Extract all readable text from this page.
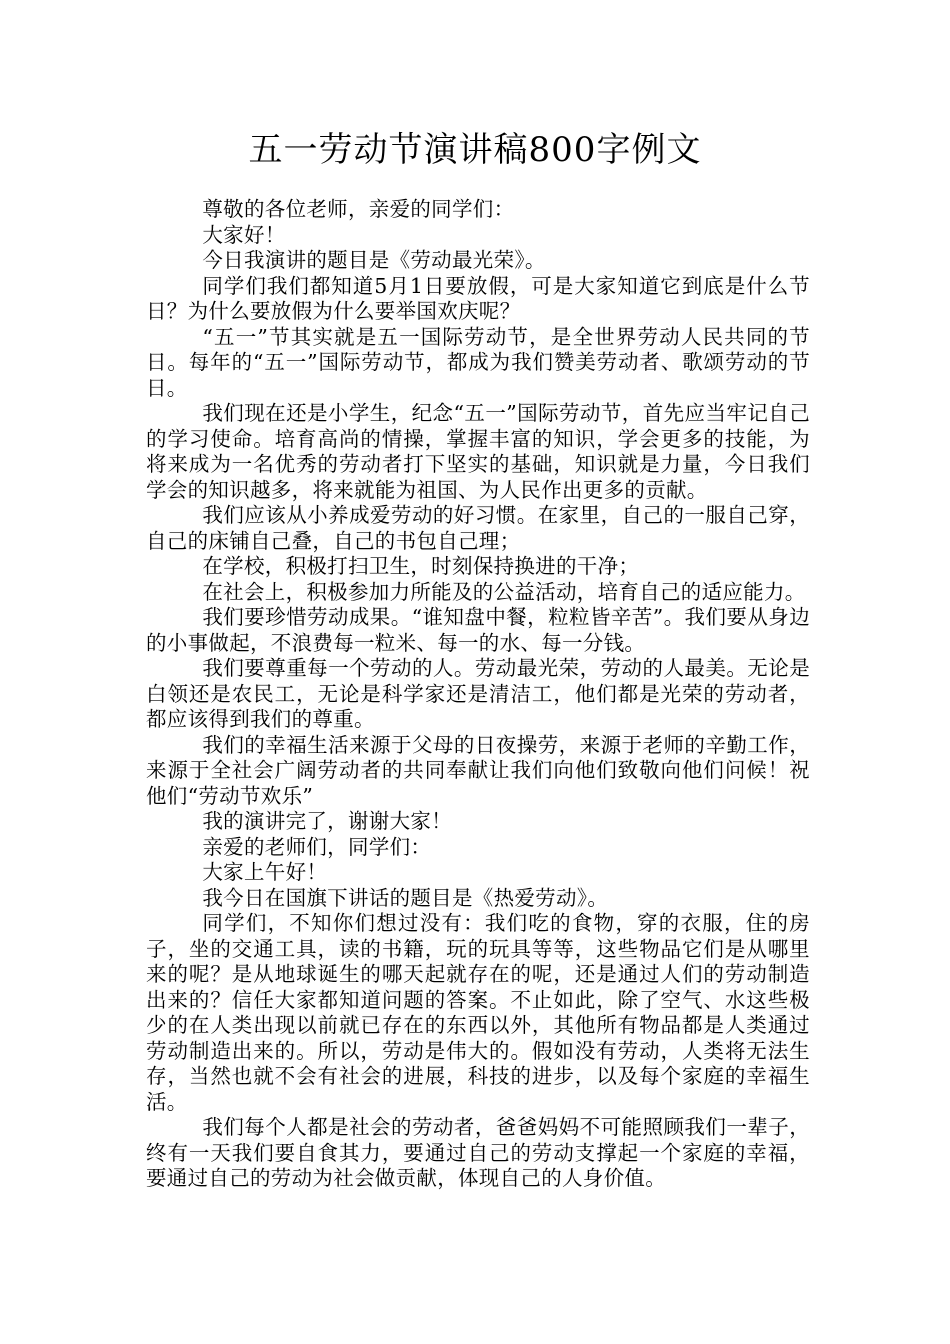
五一劳动节演讲稿800字例文

尊敬的各位老师，亲爱的同学们：

大家好！

今日我演讲的题目是《劳动最光荣》。

同学们我们都知道5月1日要放假，可是大家知道它到底是什么节日？为什么要放假为什么要举国欢庆呢？

“五一”节其实就是五一国际劳动节，是全世界劳动人民共同的节日。每年的“五一”国际劳动节，都成为我们赞美劳动者、歌颂劳动的节日。

我们现在还是小学生，纪念“五一”国际劳动节，首先应当牢记自己的学习使命。培育高尚的情操，掌握丰富的知识，学会更多的技能，为将来成为一名优秀的劳动者打下坚实的基础，知识就是力量，今日我们学会的知识越多，将来就能为祖国、为人民作出更多的贡献。

我们应该从小养成爱劳动的好习惯。在家里，自己的一服自己穿，自己的床铺自己叠，自己的书包自己理；

在学校，积极打扫卫生，时刻保持换进的干净；

在社会上，积极参加力所能及的公益活动，培育自己的适应能力。

我们要珍惜劳动成果。“谁知盘中餐，粒粒皆辛苦”。我们要从身边的小事做起，不浪费每一粒米、每一的水、每一分钱。

我们要尊重每一个劳动的人。劳动最光荣，劳动的人最美。无论是白领还是农民工，无论是科学家还是清洁工，他们都是光荣的劳动者，都应该得到我们的尊重。

我们的幸福生活来源于父母的日夜操劳，来源于老师的辛勤工作，来源于全社会广阔劳动者的共同奉献让我们向他们致敬向他们问候！祝他们“劳动节欢乐”

我的演讲完了，谢谢大家！

亲爱的老师们，同学们：

大家上午好！

我今日在国旗下讲话的题目是《热爱劳动》。

同学们，不知你们想过没有：我们吃的食物，穿的衣服，住的房子，坐的交通工具，读的书籍，玩的玩具等等，这些物品它们是从哪里来的呢？是从地球诞生的哪天起就存在的呢，还是通过人们的劳动制造出来的？信任大家都知道问题的答案。不止如此，除了空气、水这些极少的在人类出现以前就已存在的东西以外，其他所有物品都是人类通过劳动制造出来的。所以，劳动是伟大的。假如没有劳动，人类将无法生存，当然也就不会有社会的进展，科技的进步，以及每个家庭的幸福生活。

我们每个人都是社会的劳动者，爸爸妈妈不可能照顾我们一辈子，终有一天我们要自食其力，要通过自己的劳动支撑起一个家庭的幸福，要通过自己的劳动为社会做贡献，体现自己的人身价值。
